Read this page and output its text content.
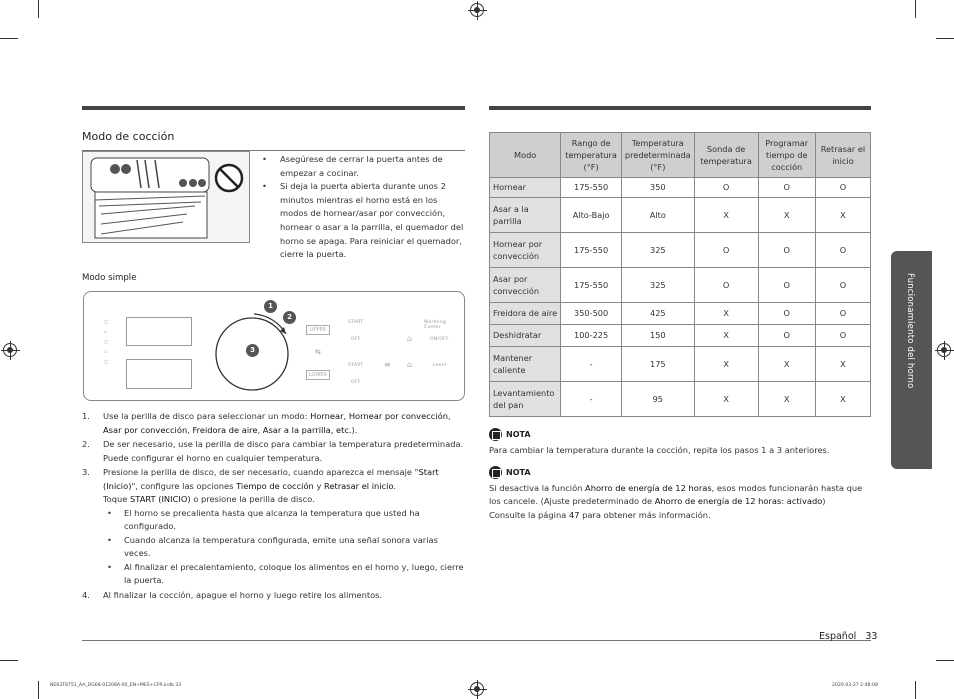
Modo de cocción
• Asegúrese de cerrar la puerta antes de empezar a cocinar.
• Si deja la puerta abierta durante unos 2 minutos mientras el horno está en los modos de hornear/asar por convección, hornear o asar a la parrilla, el quemador del horno se apaga. Para reiniciar el quemador, cierre la puerta.
Modo simple
▢
▫
▢
▫
▢
1
2
3
UPPER
⇆
LOWER
START
OFF
START
OFF
≡ ⌂
⌂
Warming Center
ON/OFF
Level
1. Use la perilla de disco para seleccionar un modo: Hornear, Hornear por convección, Asar por convección, Freidora de aire, Asar a la parrilla, etc.).
2. De ser necesario, use la perilla de disco para cambiar la temperatura predeterminada. Puede configurar el horno en cualquier temperatura.
3. Presione la perilla de disco, de ser necesario, cuando aparezca el mensaje "Start (Inicio)", configure las opciones Tiempo de cocción y Retrasar el inicio.
Toque START (INICIO) o presione la perilla de disco.
• El horno se precalienta hasta que alcanza la temperatura que usted ha configurado.
• Cuando alcanza la temperatura configurada, emite una señal sonora varias veces.
• Al finalizar el precalentamiento, coloque los alimentos en el horno y, luego, cierre la puerta.
4. Al finalizar la cocción, apague el horno y luego retire los alimentos.
Modo	Rango de temperatura (°F)	Temperatura predeterminada (°F)	Sonda de temperatura	Programar tiempo de cocción	Retrasar el inicio
Hornear	175-550	350	O	O	O
Asar a la parrilla	Alto-Bajo	Alto	X	X	X
Hornear por convección	175-550	325	O	O	O
Asar por convección	175-550	325	O	O	O
Freidora de aire	350-500	425	X	O	O
Deshidratar	100-225	150	X	O	O
Mantener caliente	-	175	X	X	X
Levantamiento del pan	-	95	X	X	X
NOTA
Para cambiar la temperatura durante la cocción, repita los pasos 1 a 3 anteriores.
NOTA
Si desactiva la función Ahorro de energía de 12 horas, esos modos funcionarán hasta que los cancele. (Ajuste predeterminado de Ahorro de energía de 12 horas: activado)
Consulte la página 47 para obtener más información.
Funcionamiento del horno
Español 33
NE63T8751_AA_DG68-01208A-00_EN+MES+CFR.indb 33	2020-03-27 2:48:08
